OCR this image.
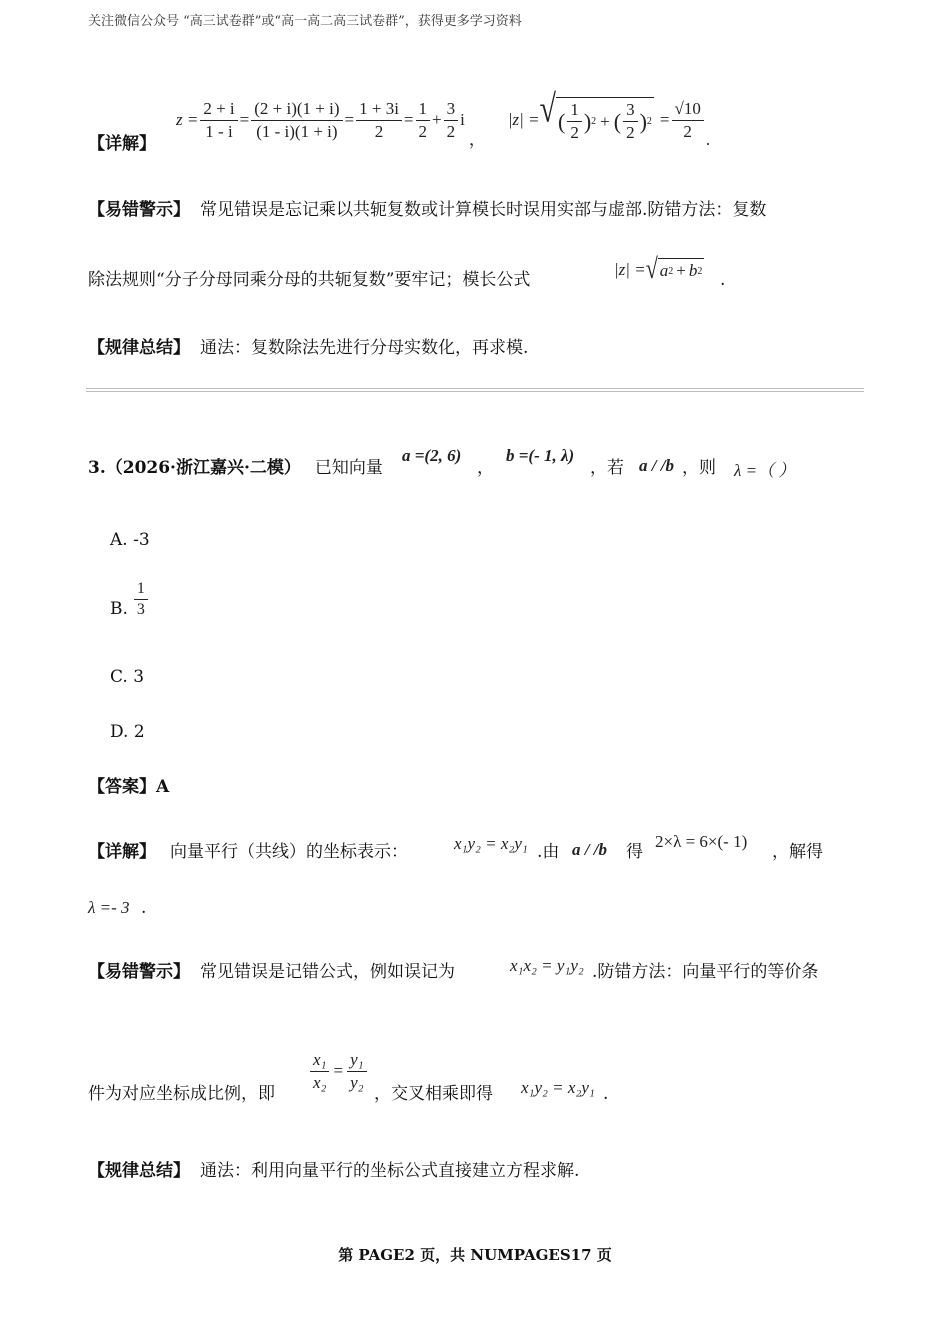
关注微信公众号 “高三试卷群”或“高一高二高三试卷群”，获得更多学习资料
【详解】
$z = \frac{2 + i}{1 - i} = \frac{(2 + i)(1 + i)}{(1 - i)(1 + i)} = \frac{1 + 3i}{2} = \frac{1}{2} + \frac{3}{2}$ i
，
|z| = √ ( $\frac{1}{2}$ ) 2 + ( $\frac{3}{2}$ ) $2 = \frac{√10}{2}$ .
【易错警示】 常见错误是忘记乘以共轭复数或计算模长时误用实部与虚部.防错方法：复数
除法规则“分子分母同乘分母的共轭复数”要牢记；模长公式
|z| = √ a 2 + b 2 .
【规律总结】 通法：复数除法先进行分母实数化，再求模.
3.（2026·浙江嘉兴·二模） 已知向量
a =(2, 6)
，
b =(- 1, λ)
，若 a / /b ，则 λ =（ ）
A. -3
B. $\frac{1}{3}$
C. 3
D. 2
【答案】A
【详解】 向量平行（共线）的坐标表示：	x₁y₂ = x₂y₁ .由 a / /b 得
2×λ = 6×(- 1)
，解得
λ =- 3 .
【易错警示】 常见错误是记错公式，例如误记为	x₁x₂ = y₁y₂ .防错方法：向量平行的等价条
件为对应坐标成比例，即
$\frac{\text{x₁}}{\text{x₂}} = \frac{\text{y₁}}{\text{y₂}}$
，交叉相乘即得 x₁y₂ = x₂y₁ .
【规律总结】 通法：利用向量平行的坐标公式直接建立方程求解.
第 PAGE2 页，共 NUMPAGES17 页
